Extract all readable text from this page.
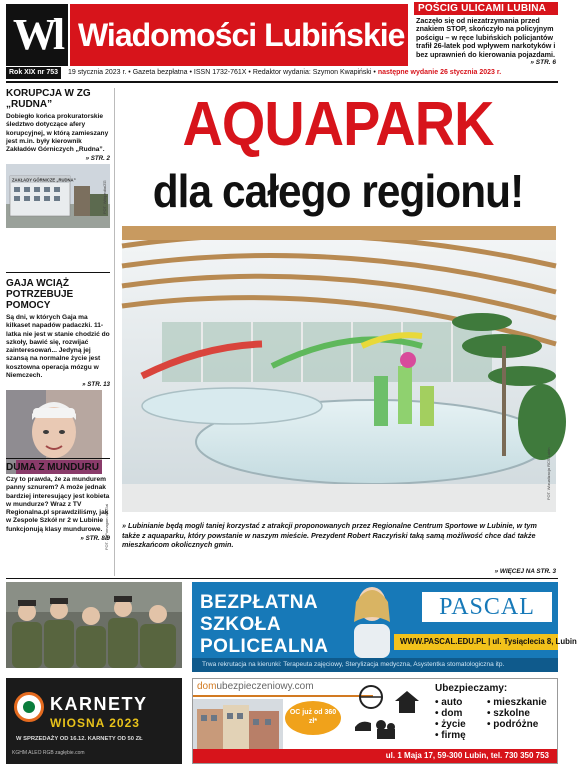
Wl Wiadomości Lubińskie
POŚCIG ULICAMI LUBINA
Zaczęło się od niezatrzymania przed znakiem STOP, skończyło na policyjnym pościgu – w ręce lubińskich policjantów trafił 26-latek pod wpływem narkotyków i bez uprawnień do kierowania pojazdami.
» STR. 6
Rok XIX nr 753 19 stycznia 2023 r. • Gazeta bezpłatna • ISSN 1732-761X • Redaktor wydania: Szymon Kwapiński • następne wydanie 26 stycznia 2023 r.
KORUPCJA W ZG „RUDNA”
Dobiegło końca prokuratorskie śledztwo dotyczące afery korupcyjnej, w którą zamieszany jest m.in. były kierownik Zakładów Górniczych „Rudna”.
» STR. 2
ZAKŁADY GÓRNICZE „RUDNA”	FOT. Wikipedia/ZG
GAJA WCIĄŻ POTRZEBUJE POMOCY
Są dni, w których Gaja ma kilkaset napadów padaczki. 11-latka nie jest w stanie chodzić do szkoły, bawić się, rozwijać zainteresowań... Jedyną jej szansą na normalne życie jest kosztowna operacja mózgu w Niemczech.
» STR. 13
FOT. fb Pomagam dla Gai
DUMA Z MUNDURU
Czy to prawda, że za mundurem panny sznurem? A może jednak bardziej interesujący jest kobieta w mundurze? Wraz z TV Regionalna.pl sprawdziliśmy, jak w Zespole Szkół nr 2 w Lubinie funkcjonują klasy mundurowe.
» STR. 8/9
AQUAPARK
dla całego regionu!
FOT. Wizualizacja RCS Lubin
» Lubinianie będą mogli taniej korzystać z atrakcji proponowanych przez Regionalne Centrum Sportowe w Lubinie, w tym także z aquaparku, który powstanie w naszym mieście. Prezydent Robert Raczyński taką samą możliwość chce dać także mieszkańcom okolicznych gmin.
» WIĘCEJ NA STR. 3
BEZPŁATNA
SZKOŁA
POLICEALNA
PASCAL
WWW.PASCAL.EDU.PL | ul. Tysiąclecia 8, Lubin
Trwa rekrutacja na kierunki: Terapeuta zajęciowy, Sterylizacja medyczna, Asystentka stomatologiczna itp.
KARNETY
WIOSNA 2023
W SPRZEDAŻY OD 16.12. KARNETY OD 50 ZŁ
KGHM ALEO RGB zagłębie.com
domubezpieczeniowy.com
OC już od 360 zł*
Ubezpieczamy:
• auto
• dom
• życie
• firmę
• mieszkanie
• szkolne
• podróżne
ul. 1 Maja 17, 59-300 Lubin, tel. 730 350 753
